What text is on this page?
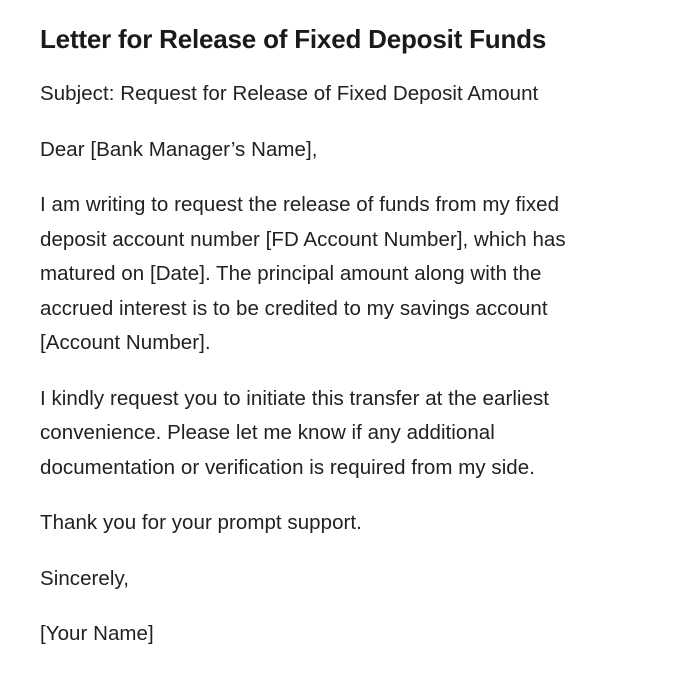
Letter for Release of Fixed Deposit Funds

Subject: Request for Release of Fixed Deposit Amount

Dear [Bank Manager’s Name],

I am writing to request the release of funds from my fixed deposit account number [FD Account Number], which has matured on [Date]. The principal amount along with the accrued interest is to be credited to my savings account [Account Number].

I kindly request you to initiate this transfer at the earliest convenience. Please let me know if any additional documentation or verification is required from my side.

Thank you for your prompt support.

Sincerely,

[Your Name]
